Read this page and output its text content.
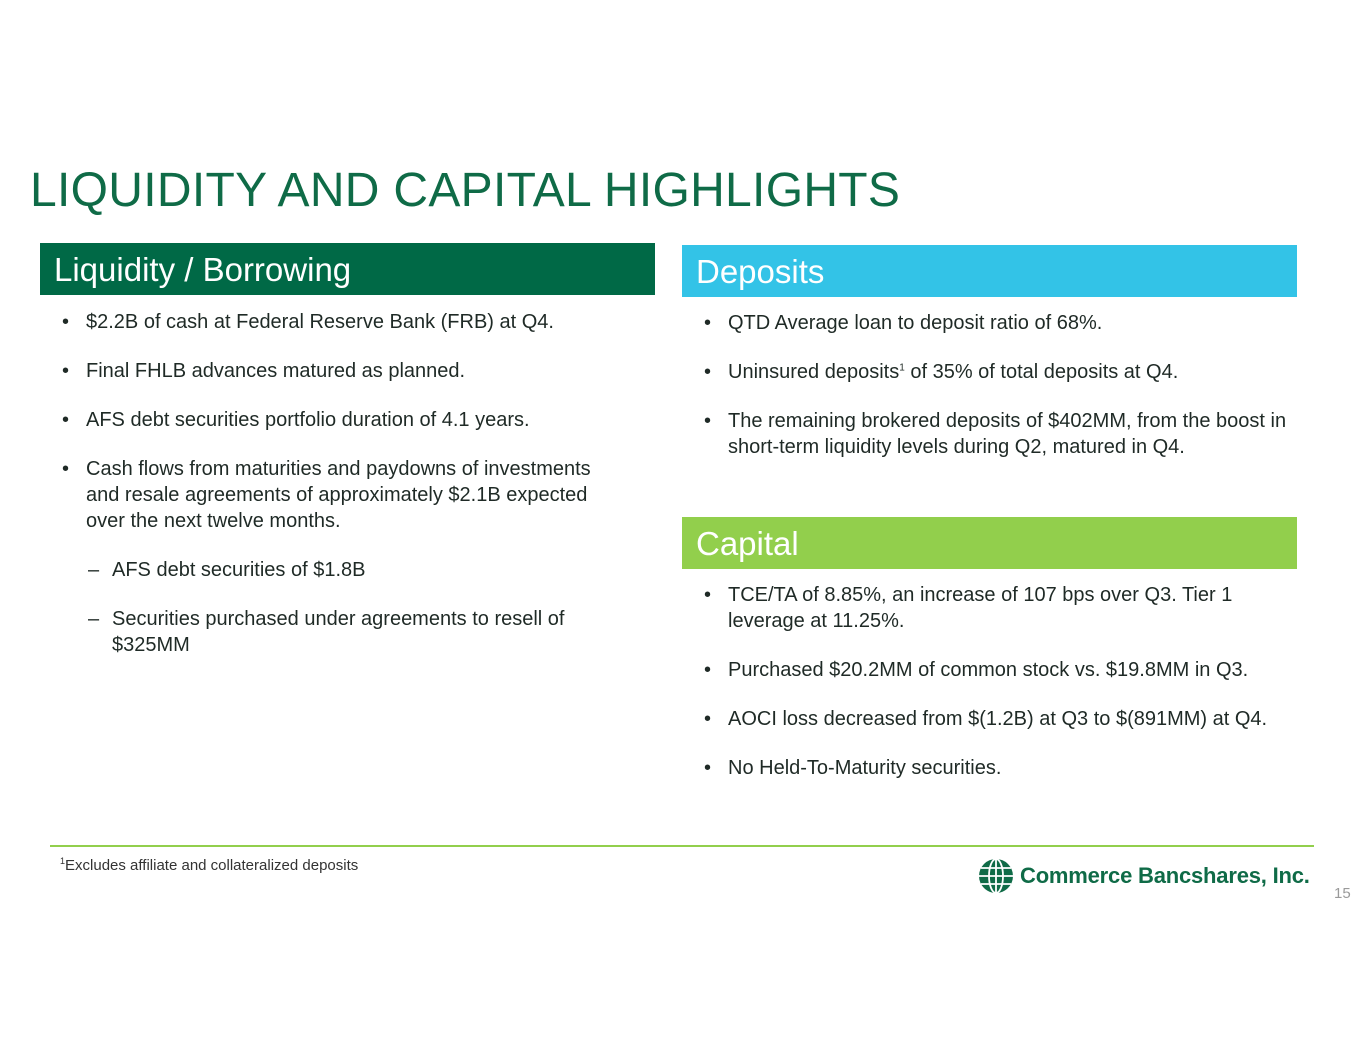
LIQUIDITY AND CAPITAL HIGHLIGHTS
Liquidity / Borrowing
• $2.2B of cash at Federal Reserve Bank (FRB) at Q4.
• Final FHLB advances matured as planned.
• AFS debt securities portfolio duration of 4.1 years.
• Cash flows from maturities and paydowns of investments and resale agreements of approximately $2.1B expected over the next twelve months.
– AFS debt securities of $1.8B
– Securities purchased under agreements to resell of $325MM
Deposits
• QTD Average loan to deposit ratio of 68%.
• Uninsured deposits$^1$ of 35% of total deposits at Q4.
• The remaining brokered deposits of $402MM, from the boost in short-term liquidity levels during Q2, matured in Q4.
Capital
• TCE/TA of 8.85%, an increase of 107 bps over Q3. Tier 1 leverage at 11.25%.
• Purchased $20.2MM of common stock vs. $19.8MM in Q3.
• AOCI loss decreased from $(1.2B) at Q3 to $(891MM) at Q4.
• No Held-To-Maturity securities.
$^1$Excludes affiliate and collateralized deposits	Commerce Bancshares, Inc.
15
